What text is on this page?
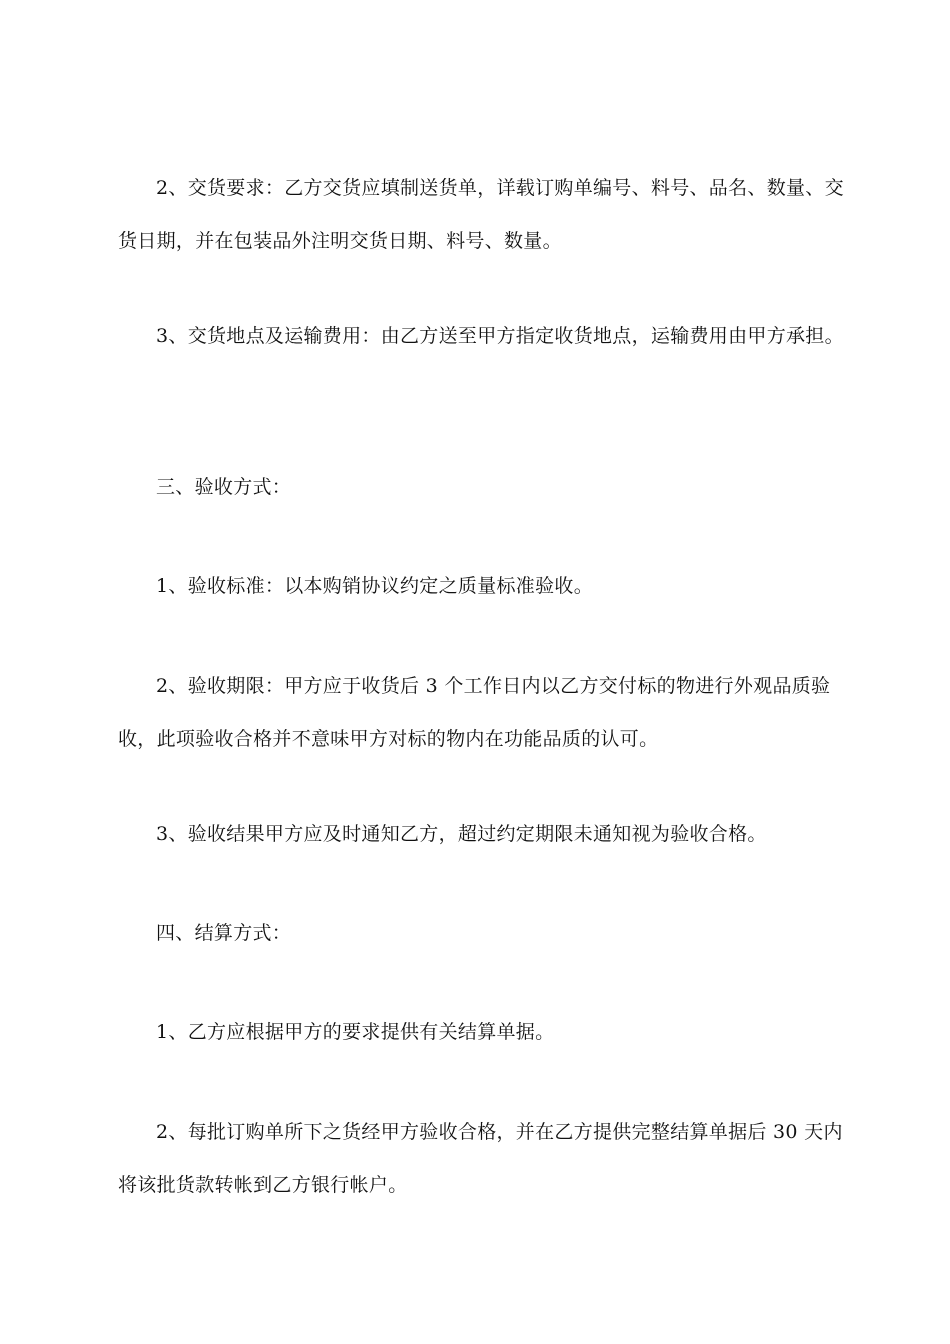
2、交货要求：乙方交货应填制送货单，详载订购单编号、料号、品名、数量、交货日期，并在包装品外注明交货日期、料号、数量。

3、交货地点及运输费用：由乙方送至甲方指定收货地点，运输费用由甲方承担。

三、验收方式：

1、验收标准：以本购销协议约定之质量标准验收。

2、验收期限：甲方应于收货后 3 个工作日内以乙方交付标的物进行外观品质验收，此项验收合格并不意味甲方对标的物内在功能品质的认可。

3、验收结果甲方应及时通知乙方，超过约定期限未通知视为验收合格。

四、结算方式：

1、乙方应根据甲方的要求提供有关结算单据。

2、每批订购单所下之货经甲方验收合格，并在乙方提供完整结算单据后 30 天内将该批货款转帐到乙方银行帐户。
